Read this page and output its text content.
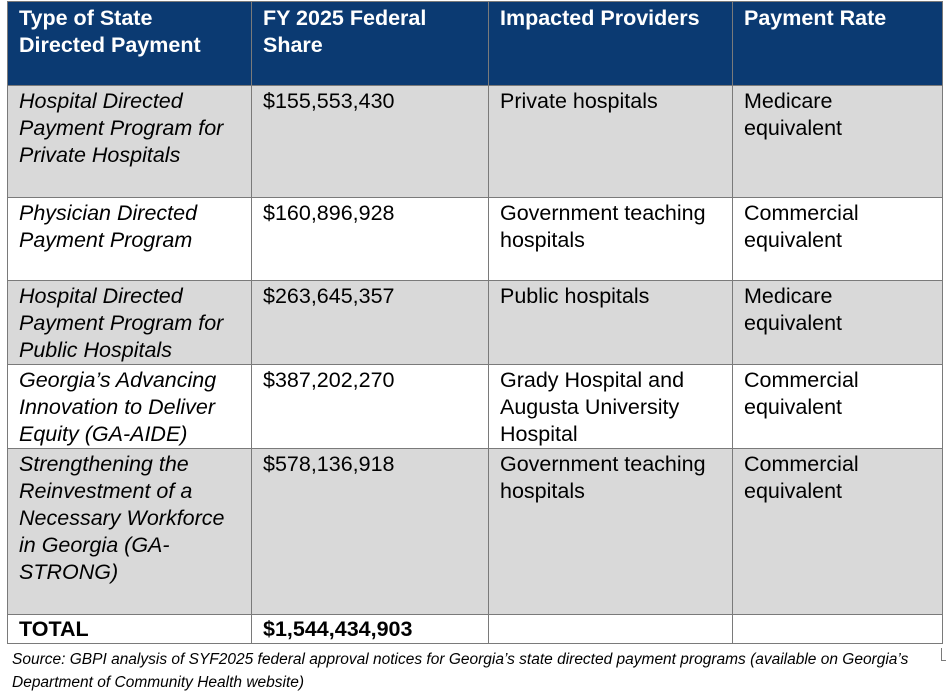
Type of State Directed Payment	FY 2025 Federal Share	Impacted Providers	Payment Rate
Hospital Directed Payment Program for Private Hospitals	$155,553,430	Private hospitals	Medicare equivalent
Physician Directed Payment Program	$160,896,928	Government teaching hospitals	Commercial equivalent
Hospital Directed Payment Program for Public Hospitals	$263,645,357	Public hospitals	Medicare equivalent
Georgia’s Advancing Innovation to Deliver Equity (GA-AIDE)	$387,202,270	Grady Hospital and Augusta University Hospital	Commercial equivalent
Strengthening the Reinvestment of a Necessary Workforce in Georgia (GA-STRONG)	$578,136,918	Government teaching hospitals	Commercial equivalent
TOTAL	$1,544,434,903		
Source: GBPI analysis of SYF2025 federal approval notices for Georgia’s state directed payment programs (available on Georgia’s Department of Community Health website)
